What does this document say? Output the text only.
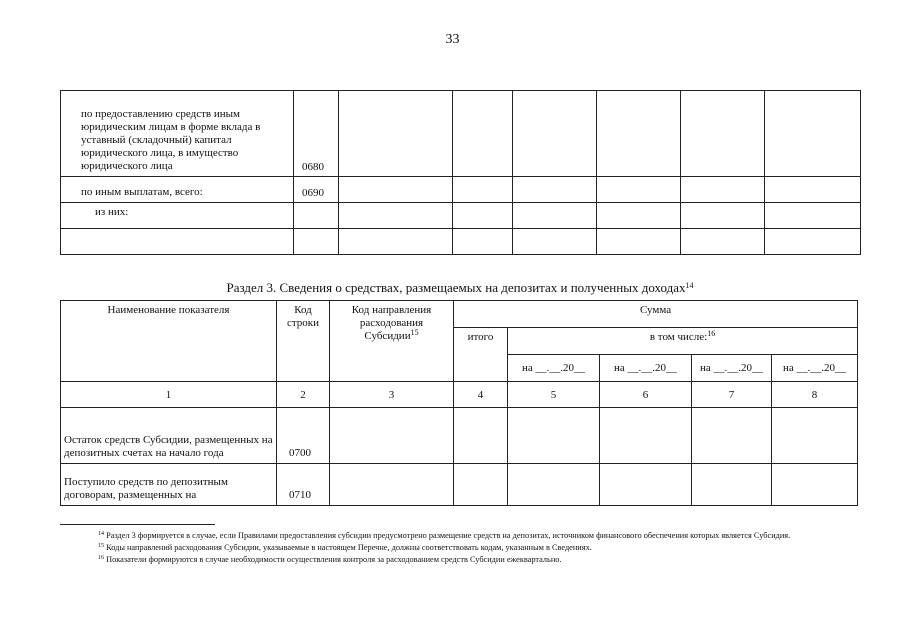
33
по предоставлению средств иным юридическим лицам в форме вклада в уставный (складочный) капитал юридического лица, в имущество юридического лица	0680						
по иным выплатам, всего:	0690						
из них:							

Раздел 3. Сведения о средствах, размещаемых на депозитах и полученных доходах$^{14}$
Наименование показателя	Код строки	Код направления расходования Субсидии$^{15}$	Сумма				
			итого	в том числе:$^{16}$
				на __.__.20__	на __.__.20__	на __.__.20__	на __.__.20__
1	2	3	4	5	6	7	8
Остаток средств Субсидии, размещенных на депозитных счетах на начало года	0700						
Поступило средств по депозитным договорам, размещенных на	0710						

$^{14}$ Раздел 3 формируется в случае, если Правилами предоставления субсидии предусмотрено размещение средств на депозитах, источником финансового обеспечения которых является Субсидия.

$^{15}$ Коды направлений расходования Субсидии, указываемые в настоящем Перечне, должны соответствовать кодам, указанным в Сведениях.

$^{16}$ Показатели формируются в случае необходимости осуществления контроля за расходованием средств Субсидии ежеквартально.
